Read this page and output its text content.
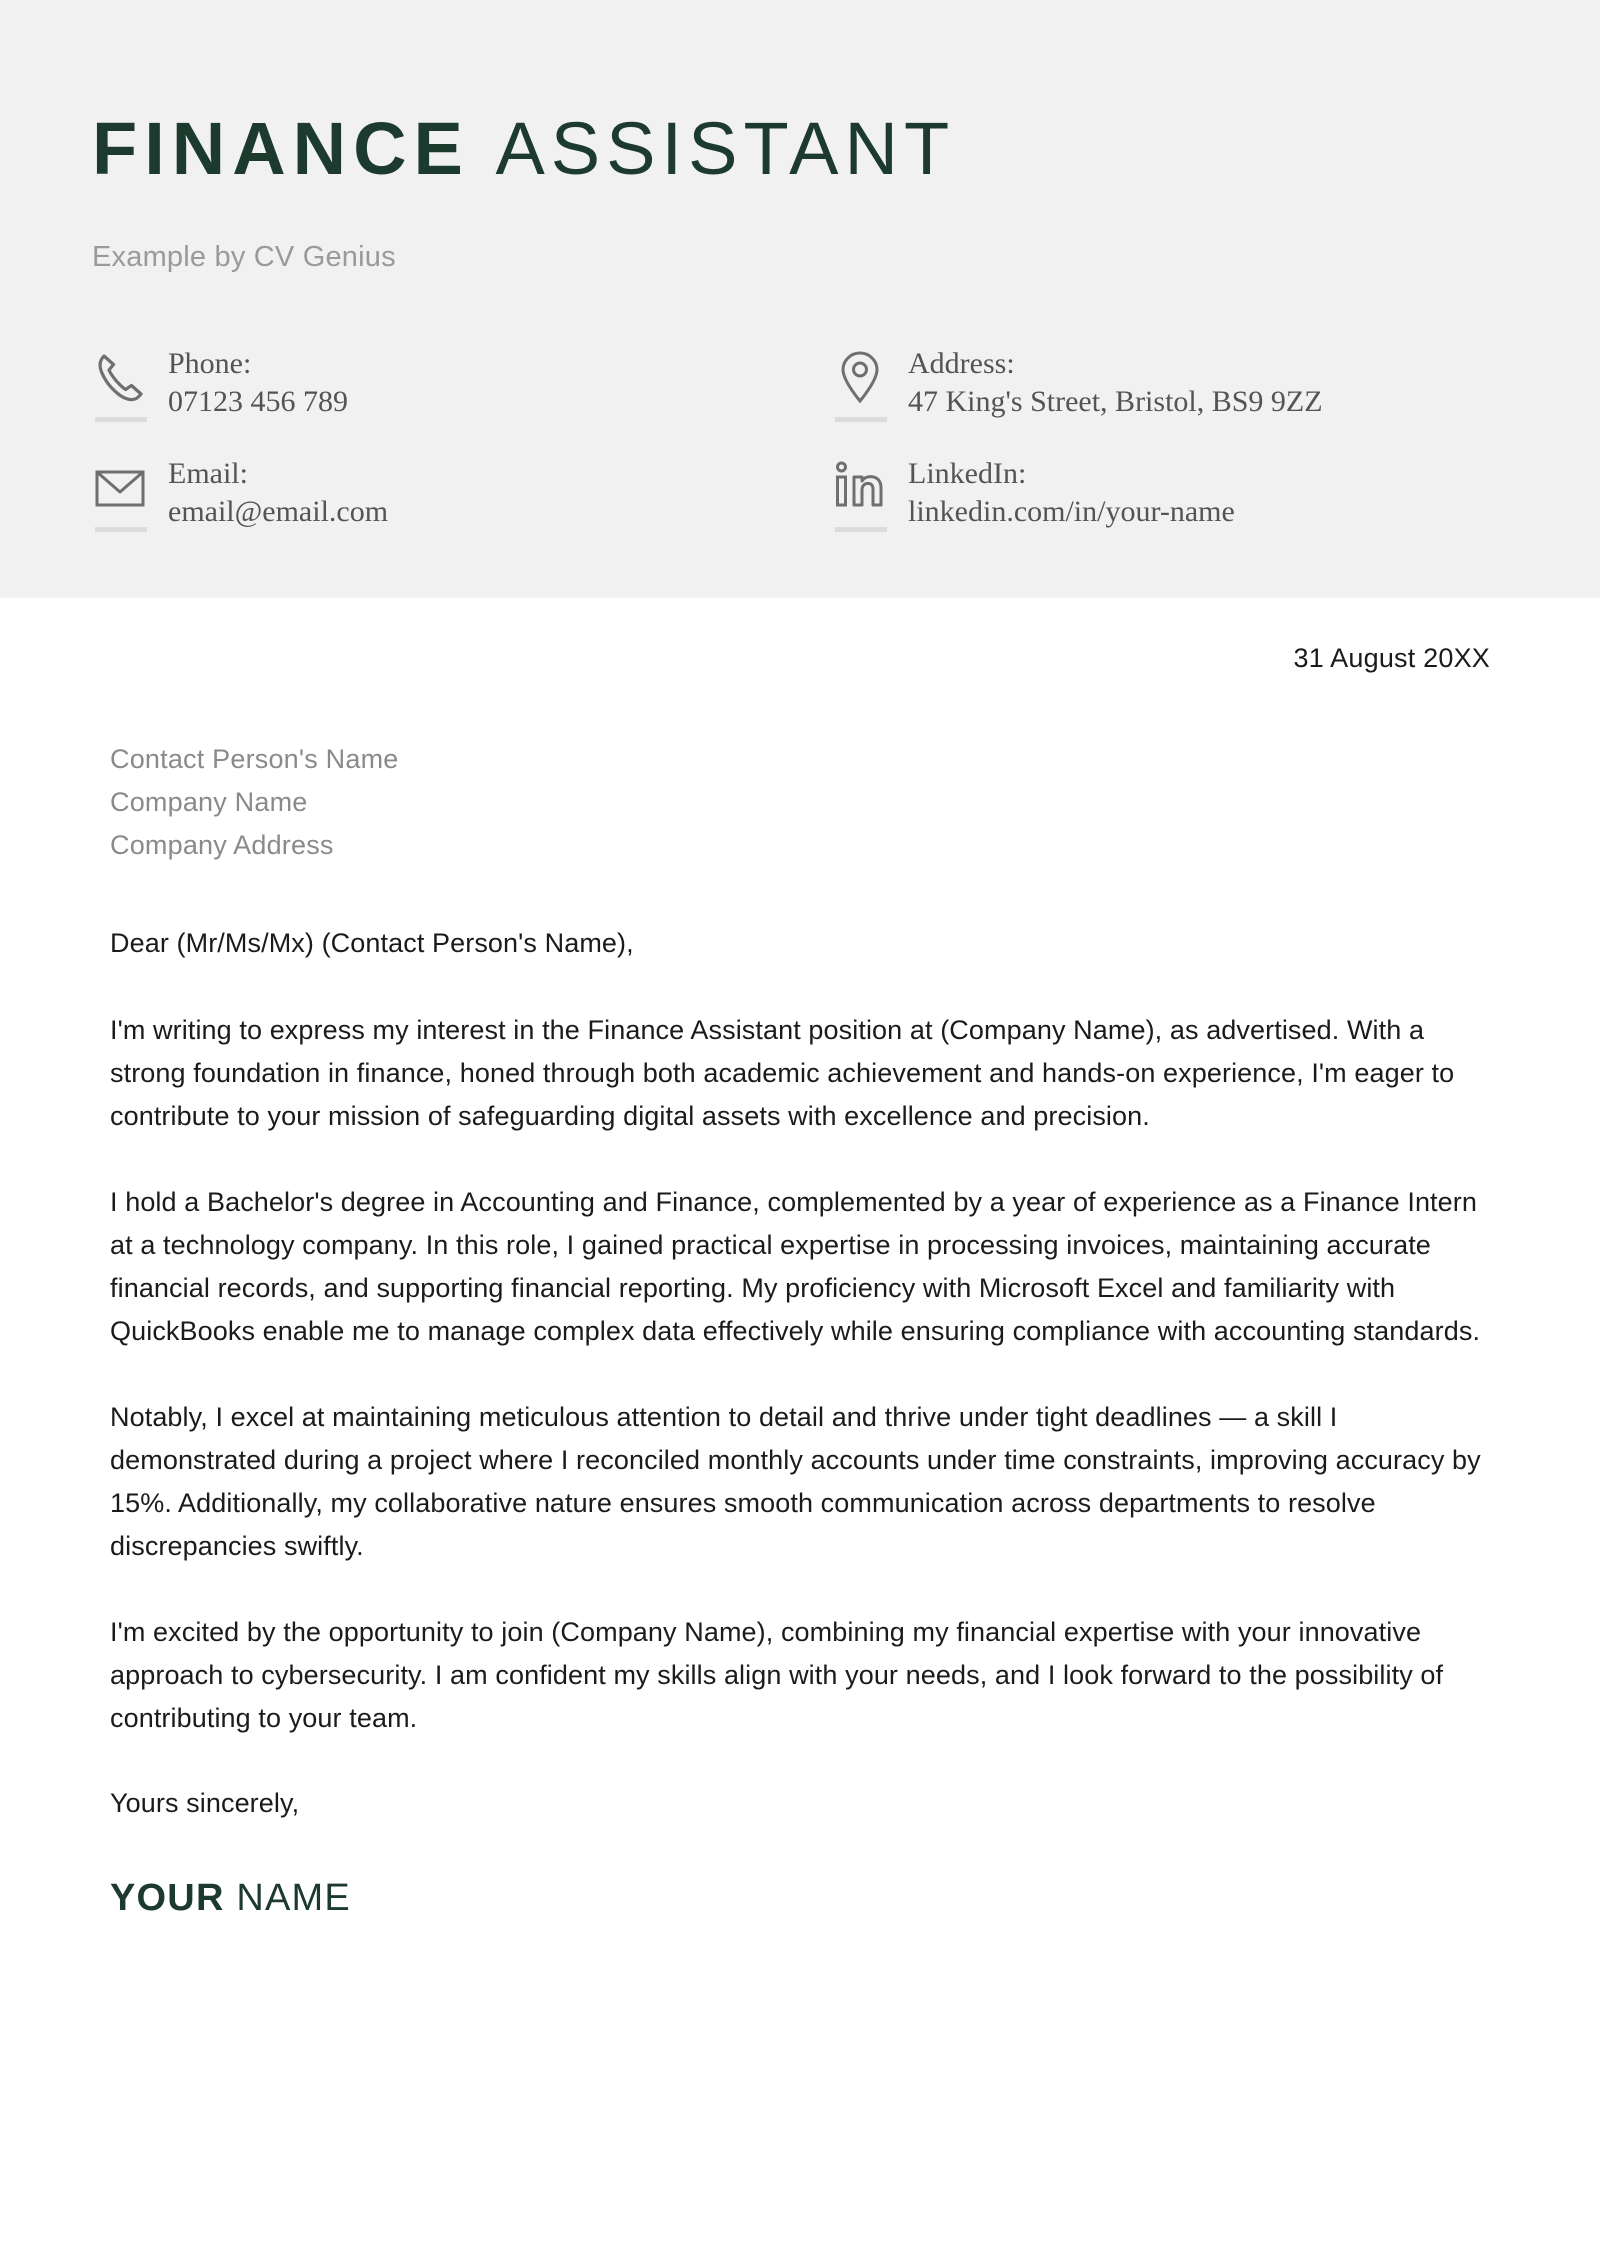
FINANCE ASSISTANT
Example by CV Genius
Phone:
07123 456 789
Email:
email@email.com
Address:
47 King's Street, Bristol, BS9 9ZZ
LinkedIn:
linkedin.com/in/your-name
31 August 20XX
Contact Person's Name
Company Name
Company Address

Dear (Mr/Ms/Mx) (Contact Person's Name),

I'm writing to express my interest in the Finance Assistant position at (Company Name), as advertised. With a strong foundation in finance, honed through both academic achievement and hands-on experience, I'm eager to contribute to your mission of safeguarding digital assets with excellence and precision.

I hold a Bachelor's degree in Accounting and Finance, complemented by a year of experience as a Finance Intern at a technology company. In this role, I gained practical expertise in processing invoices, maintaining accurate financial records, and supporting financial reporting. My proficiency with Microsoft Excel and familiarity with QuickBooks enable me to manage complex data effectively while ensuring compliance with accounting standards.

Notably, I excel at maintaining meticulous attention to detail and thrive under tight deadlines — a skill I demonstrated during a project where I reconciled monthly accounts under time constraints, improving accuracy by 15%. Additionally, my collaborative nature ensures smooth communication across departments to resolve discrepancies swiftly.

I'm excited by the opportunity to join (Company Name), combining my financial expertise with your innovative approach to cybersecurity. I am confident my skills align with your needs, and I look forward to the possibility of contributing to your team.

Yours sincerely,

YOUR NAME
